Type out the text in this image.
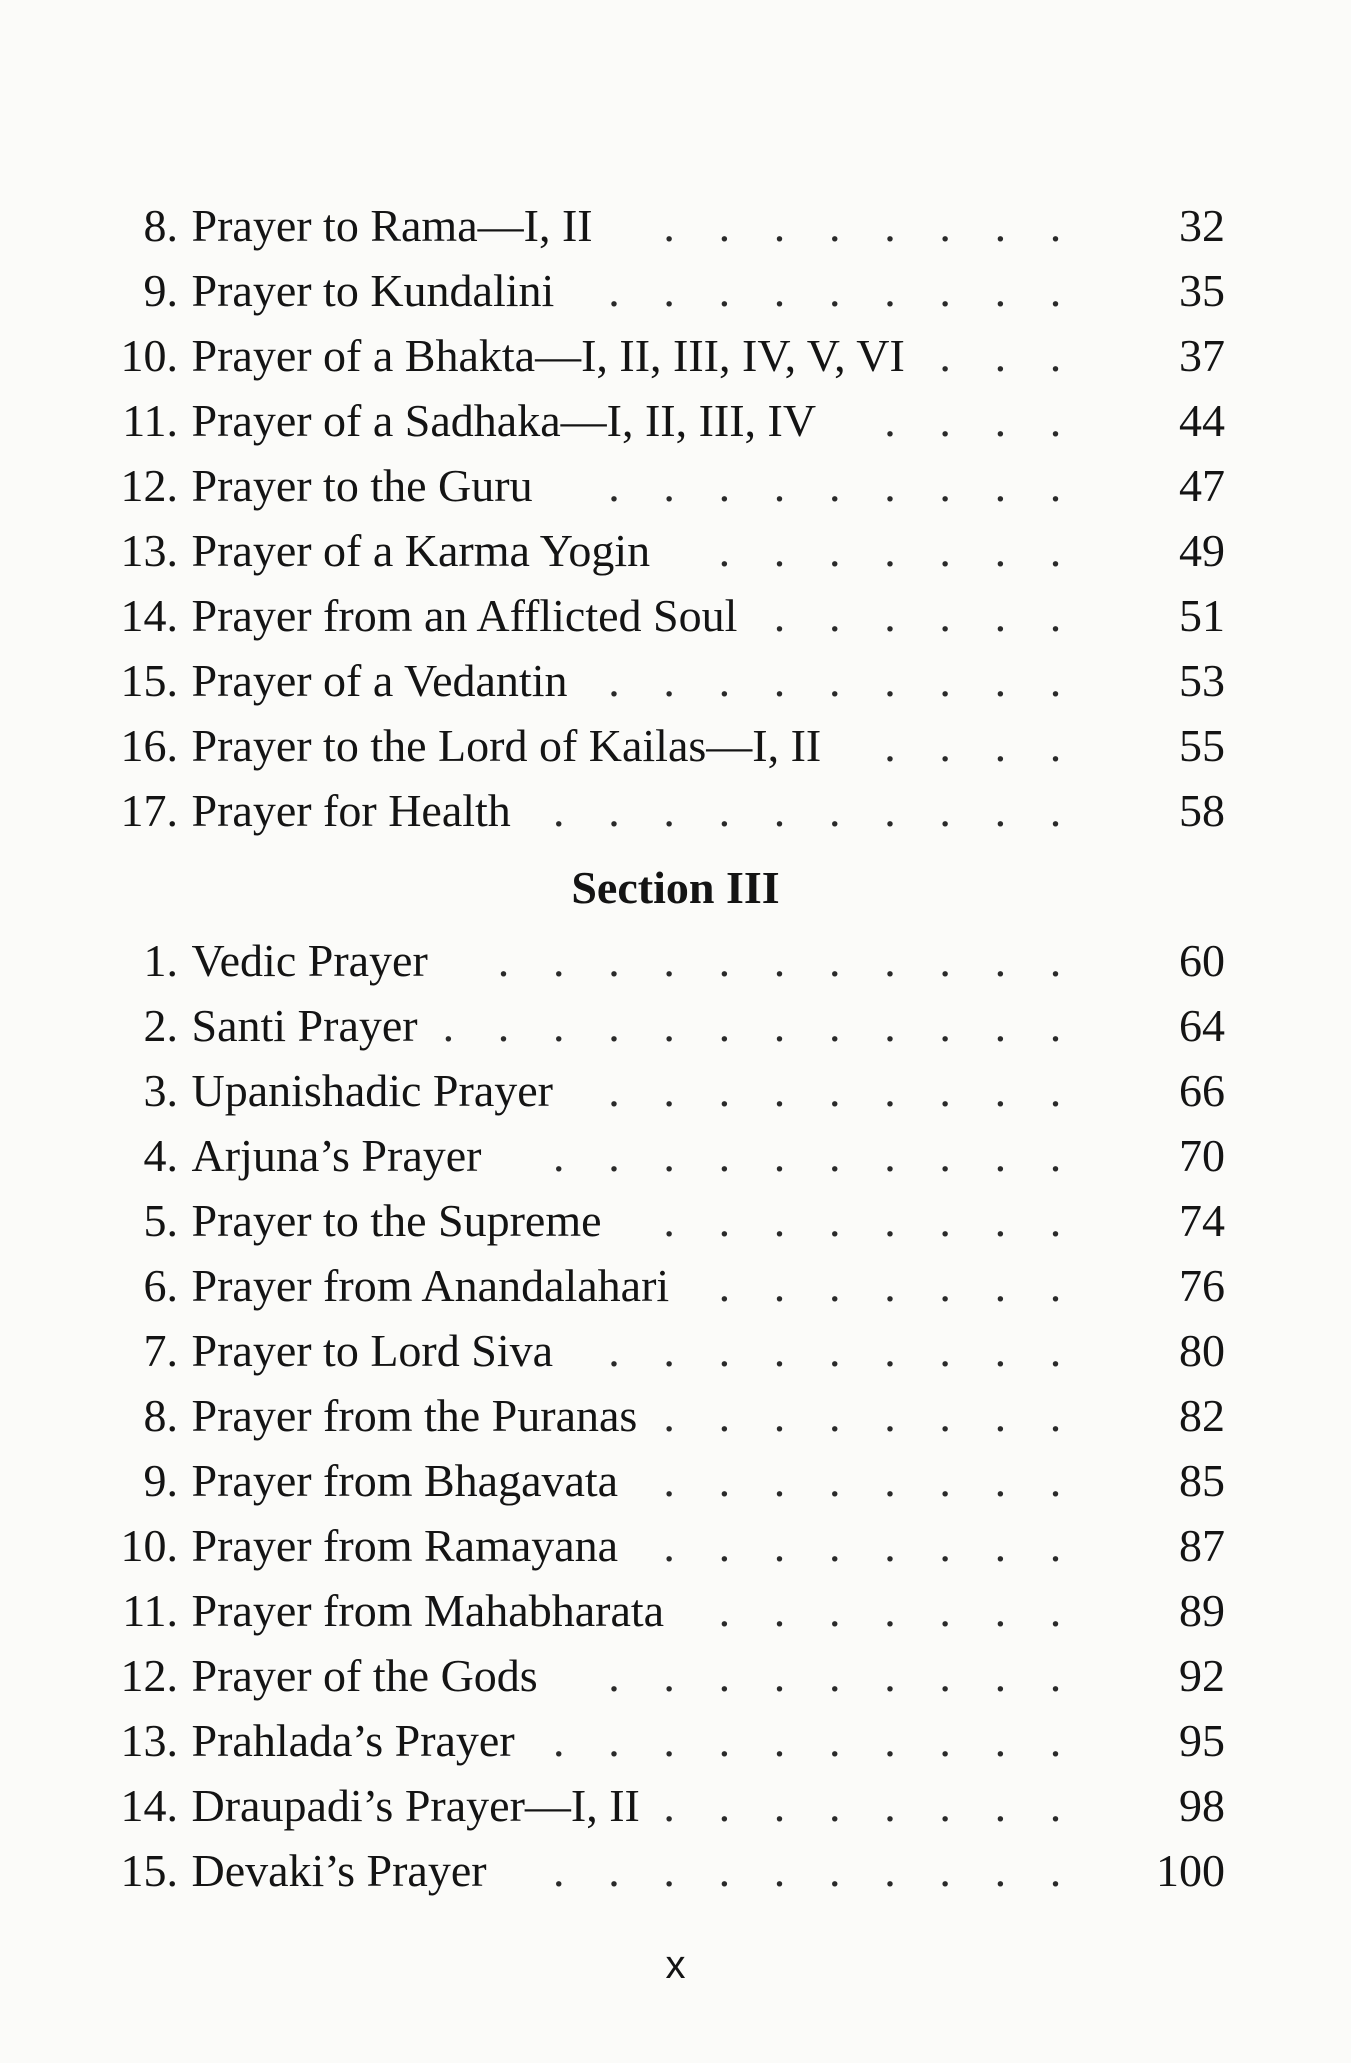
8. Prayer to Rama—I, II ........	32
9. Prayer to Kundalini .........	35
10. Prayer of a Bhakta—I, II, III, IV, V, VI ...	37
11. Prayer of a Sadhaka—I, II, III, IV ....	44
12. Prayer to the Guru .........	47
13. Prayer of a Karma Yogin .......	49
14. Prayer from an Afflicted Soul ......	51
15. Prayer of a Vedantin .........	53
16. Prayer to the Lord of Kailas—I, II ....	55
17. Prayer for Health ..........	58
Section III
1. Vedic Prayer ...........	60
2. Santi Prayer ............	64
3. Upanishadic Prayer .........	66
4. Arjuna’s Prayer ..........	70
5. Prayer to the Supreme ........	74
6. Prayer from Anandalahari .......	76
7. Prayer to Lord Siva .........	80
8. Prayer from the Puranas ........	82
9. Prayer from Bhagavata ........	85
10. Prayer from Ramayana ........	87
11. Prayer from Mahabharata .......	89
12. Prayer of the Gods .........	92
13. Prahlada’s Prayer ..........	95
14. Draupadi’s Prayer—I, II ........	98
15. Devaki’s Prayer ..........	100
x
